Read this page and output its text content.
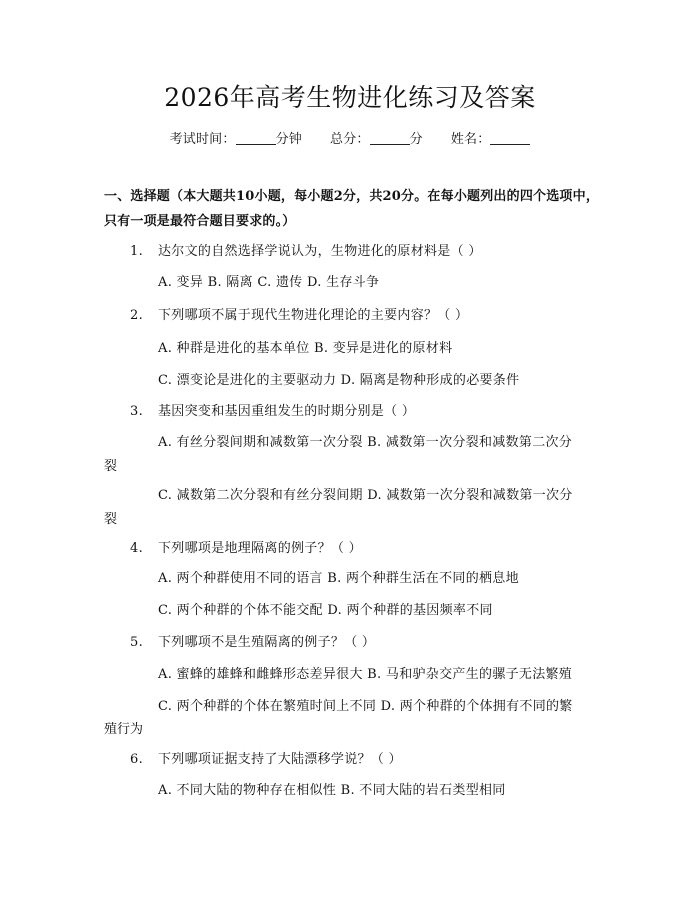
2026年高考生物进化练习及答案
考试时间：	分钟 总分：	分 姓名：
一、选择题（本大题共10小题，每小题2分，共20分。在每小题列出的四个选项中，只有一项是最符合题目要求的。）
1. 达尔文的自然选择学说认为，生物进化的原材料是（ ）
A. 变异 B. 隔离 C. 遗传 D. 生存斗争
2. 下列哪项不属于现代生物进化理论的主要内容？（ ）
A. 种群是进化的基本单位 B. 变异是进化的原材料
C. 漂变论是进化的主要驱动力 D. 隔离是物种形成的必要条件
3. 基因突变和基因重组发生的时期分别是（ ）
A. 有丝分裂间期和减数第一次分裂 B. 减数第一次分裂和减数第二次分
裂
C. 减数第二次分裂和有丝分裂间期 D. 减数第一次分裂和减数第一次分
裂
4. 下列哪项是地理隔离的例子？（ ）
A. 两个种群使用不同的语言 B. 两个种群生活在不同的栖息地
C. 两个种群的个体不能交配 D. 两个种群的基因频率不同
5. 下列哪项不是生殖隔离的例子？（ ）
A. 蜜蜂的雄蜂和雌蜂形态差异很大 B. 马和驴杂交产生的骡子无法繁殖
C. 两个种群的个体在繁殖时间上不同 D. 两个种群的个体拥有不同的繁
殖行为
6. 下列哪项证据支持了大陆漂移学说？（ ）
A. 不同大陆的物种存在相似性 B. 不同大陆的岩石类型相同
